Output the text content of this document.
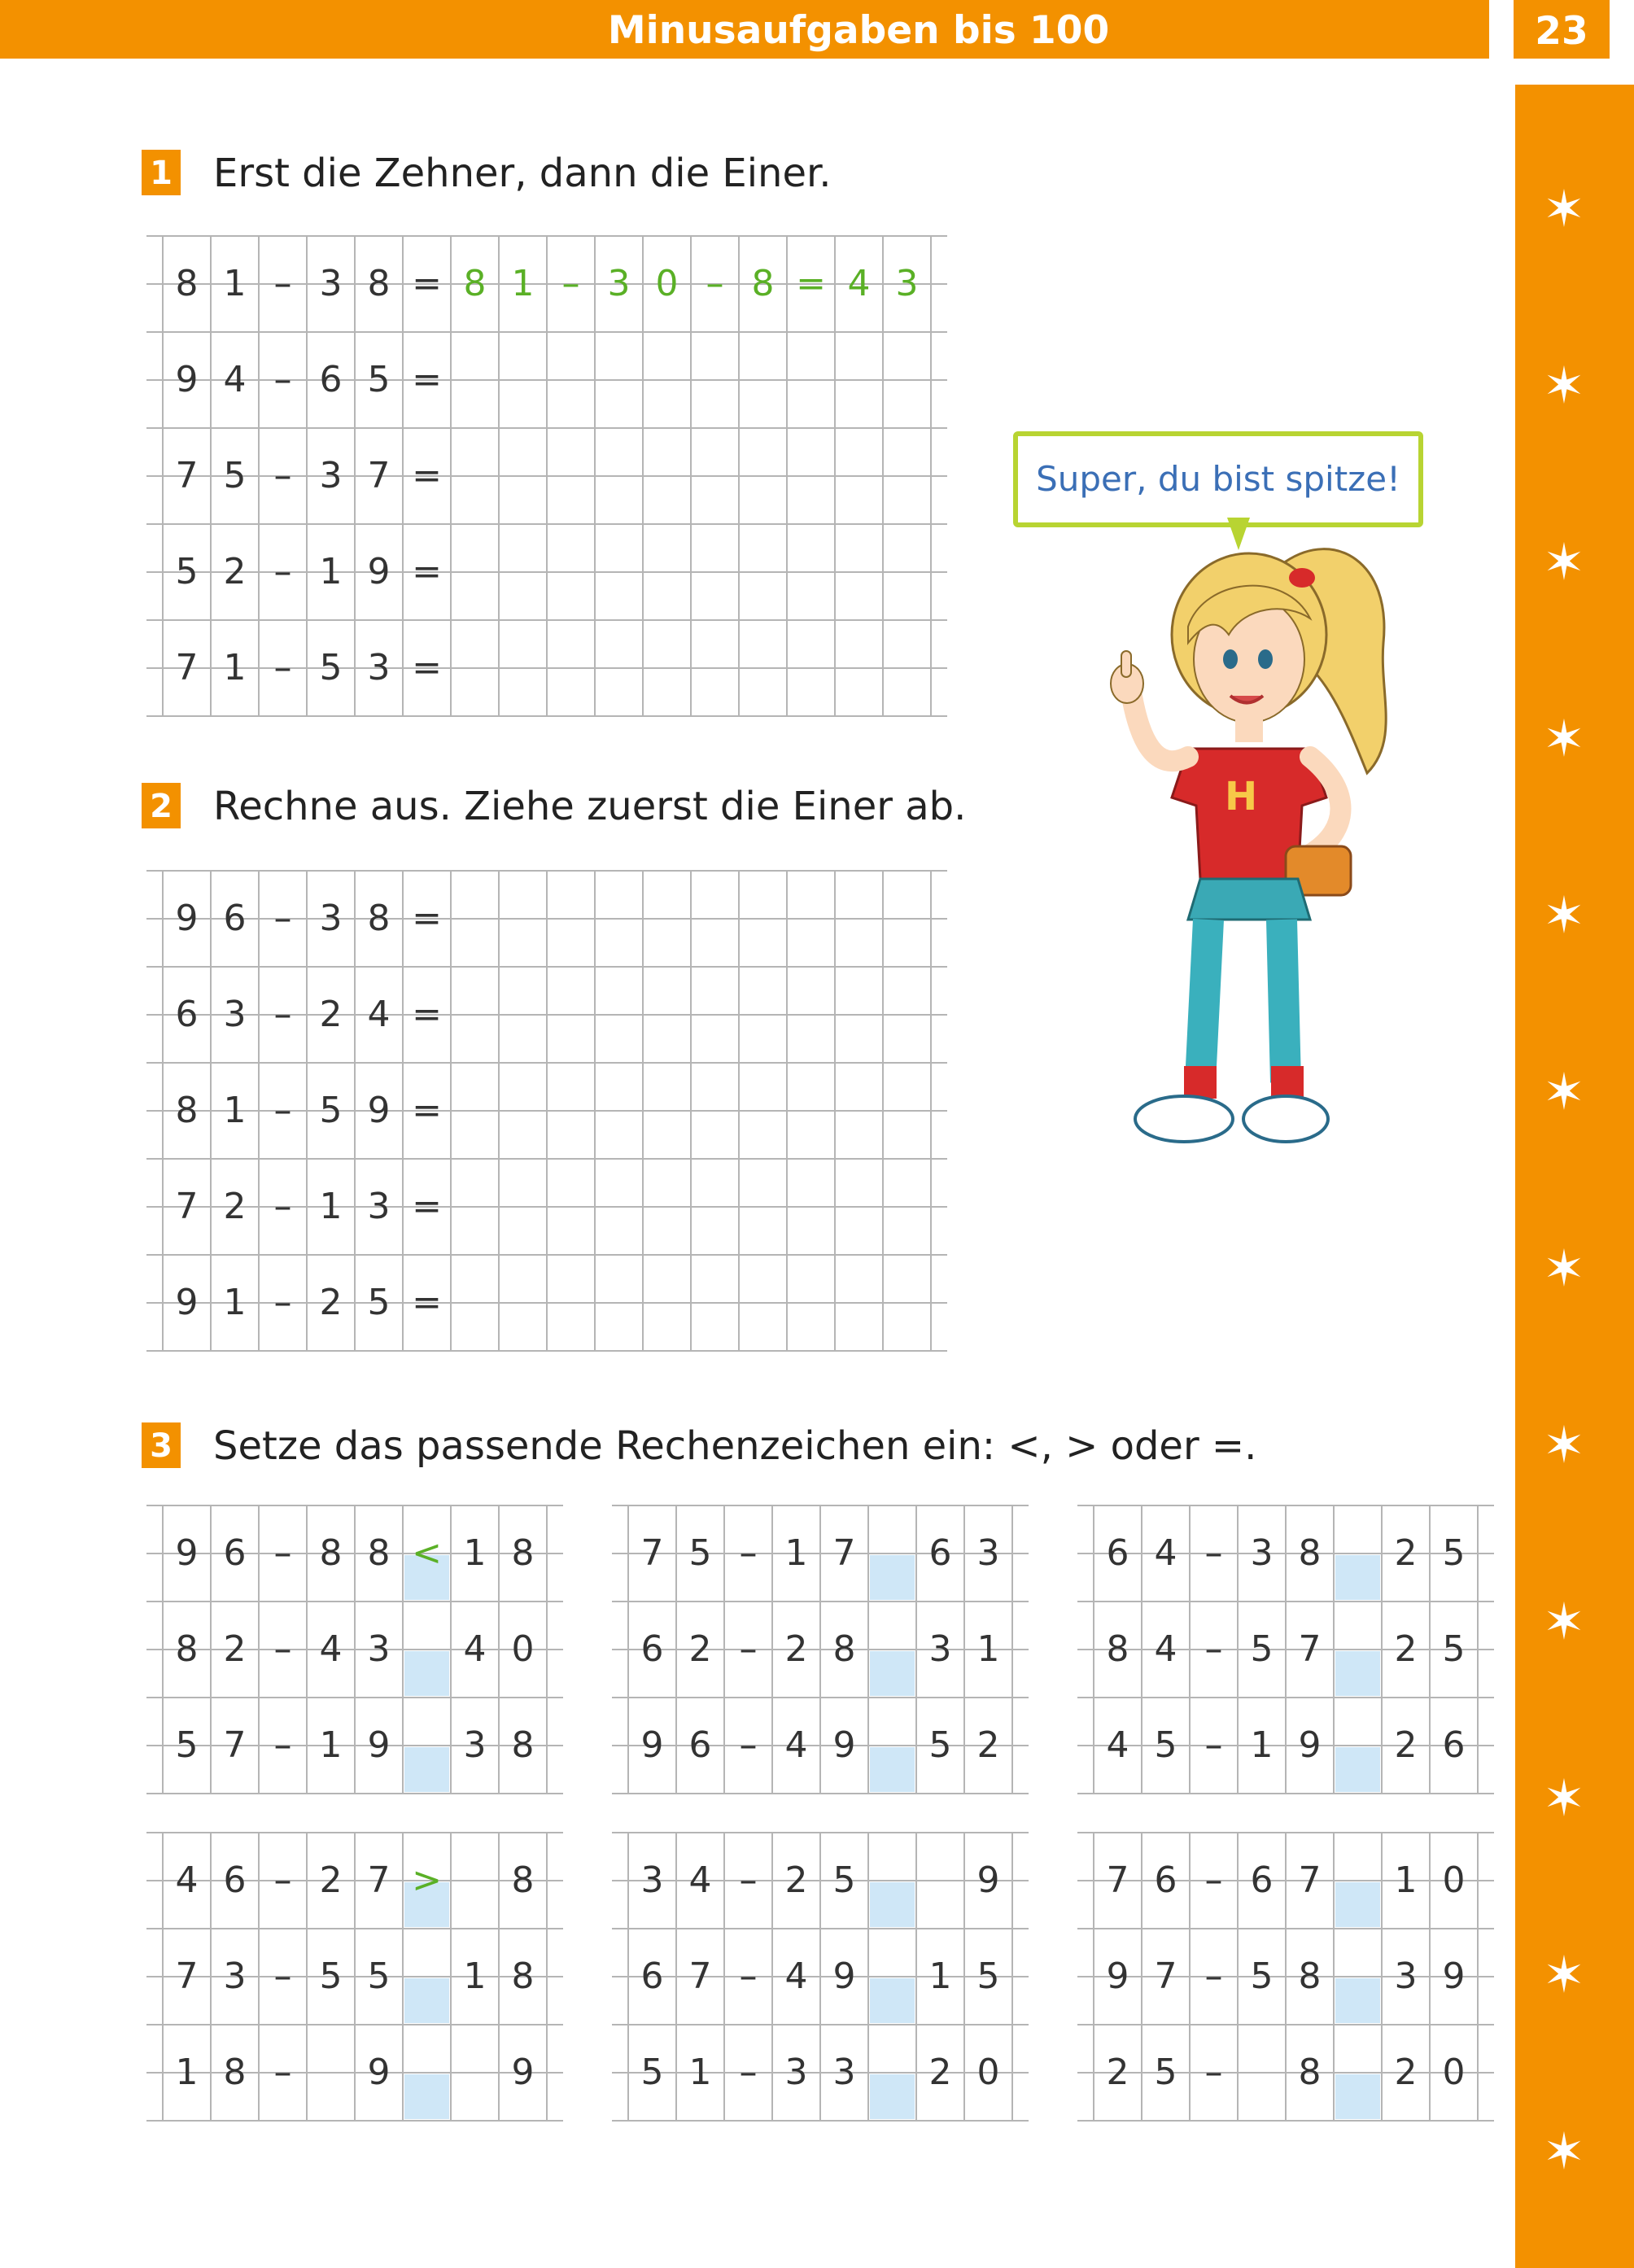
Minusaufgaben bis 100	23
✶
✶
✶
✶
✶
✶
✶
✶
✶
✶
✶
✶
1 Erst die Zehner, dann die Einer.
8 1 – 3 8 = 8 1 – 3 0 – 8 = 4 3
9 4 – 6 5 =
7 5 – 3 7 =
5 2 – 1 9 =
7 1 – 5 3 =
2 Rechne aus. Ziehe zuerst die Einer ab.
9 6 – 3 8 =
6 3 – 2 4 =
8 1 – 5 9 =
7 2 – 1 3 =
9 1 – 2 5 =
3 Setze das passende Rechenzeichen ein: <, > oder =.
9 6 – 8 8 < 1 8
8 2 – 4 3	4 0
5 7 – 1 9	3 8
7 5 – 1 7	6 3
6 2 – 2 8	3 1
9 6 – 4 9	5 2
6 4 – 3 8	2 5
8 4 – 5 7	2 5
4 5 – 1 9	2 6
4 6 – 2 7 >	8
7 3 – 5 5	1 8
1 8 –	9	9
3 4 – 2 5	9
6 7 – 4 9	1 5
5 1 – 3 3	2 0
7 6 – 6 7	1 0
9 7 – 5 8	3 9
2 5 –	8	2 0
Super, du bist spitze!
H
